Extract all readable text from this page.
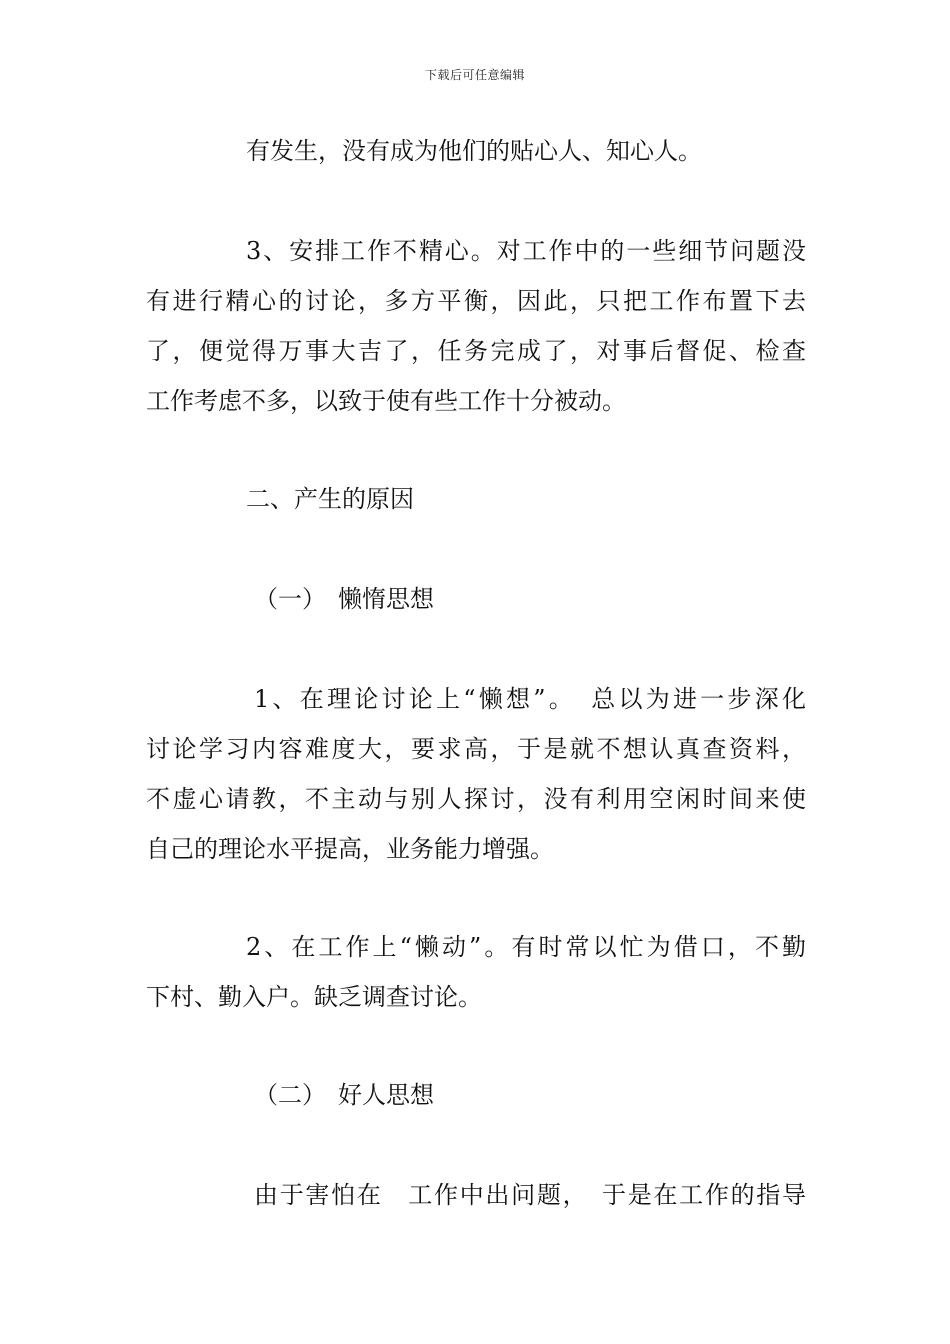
下载后可任意编辑
有发生，没有成为他们的贴心人、知心人。
3、安排工作不精心。对工作中的一些细节问题没
有进行精心的讨论，多方平衡，因此，只把工作布置下去
了，便觉得万事大吉了，任务完成了，对事后督促、检查
工作考虑不多，以致于使有些工作十分被动。
二、产生的原因
（一）　懒惰思想
1、在理论讨论上“懒想”。　总以为进一步深化
讨论学习内容难度大，要求高，于是就不想认真查资料，
不虚心请教，不主动与别人探讨，没有利用空闲时间来使
自己的理论水平提高，业务能力增强。
2、在工作上“懒动”。有时常以忙为借口，不勤
下村、勤入户。缺乏调查讨论。
（二）　好人思想
由于害怕在　工作中出问题，　于是在工作的指导
